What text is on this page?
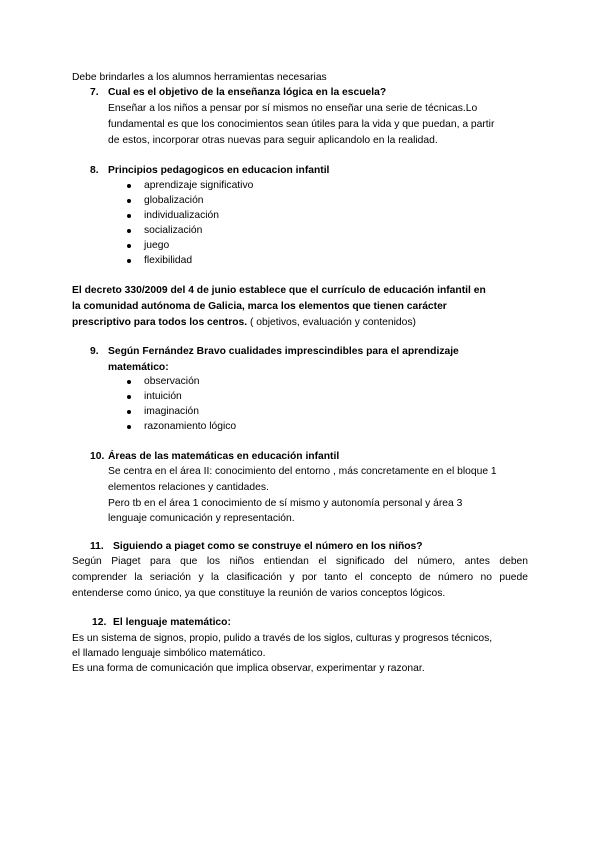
Debe brindarles a los alumnos herramientas necesarias
7. Cual es el objetivo de la enseñanza lógica en la escuela?
Enseñar a los niños a pensar por sí mismos no enseñar una serie de técnicas.Lo
fundamental es que los conocimientos sean útiles para la vida y que puedan, a partir
de estos, incorporar otras nuevas para seguir aplicandolo en la realidad.
8. Principios pedagogicos en educacion infantil
aprendizaje significativo
globalización
individualización
socialización
juego
flexibilidad
El decreto 330/2009 del 4 de junio establece que el currículo de educación infantil en
la comunidad autónoma de Galicia, marca los elementos que tienen carácter
prescriptivo para todos los centros. ( objetivos, evaluación y contenidos)
9. Según Fernández Bravo cualidades imprescindibles para el aprendizaje
matemático:
observación
intuición
imaginación
razonamiento lógico
10. Áreas de las matemáticas en educación infantil
Se centra en el área II: conocimiento del entorno , más concretamente en el bloque 1
elementos relaciones y cantidades.
Pero tb en el área 1 conocimiento de sí mismo y autonomía personal y área 3
lenguaje comunicación y representación.
11. Siguiendo a piaget como se construye el número en los niños?
Según Piaget para que los niños entiendan el significado del número, antes deben
comprender la seriación y la clasificación y por tanto el concepto de número no puede
entenderse como único, ya que constituye la reunión de varios conceptos lógicos.
12. El lenguaje matemático:
Es un sistema de signos, propio, pulido a través de los siglos, culturas y progresos técnicos,
el llamado lenguaje simbólico matemático.
Es una forma de comunicación que implica observar, experimentar y razonar.
